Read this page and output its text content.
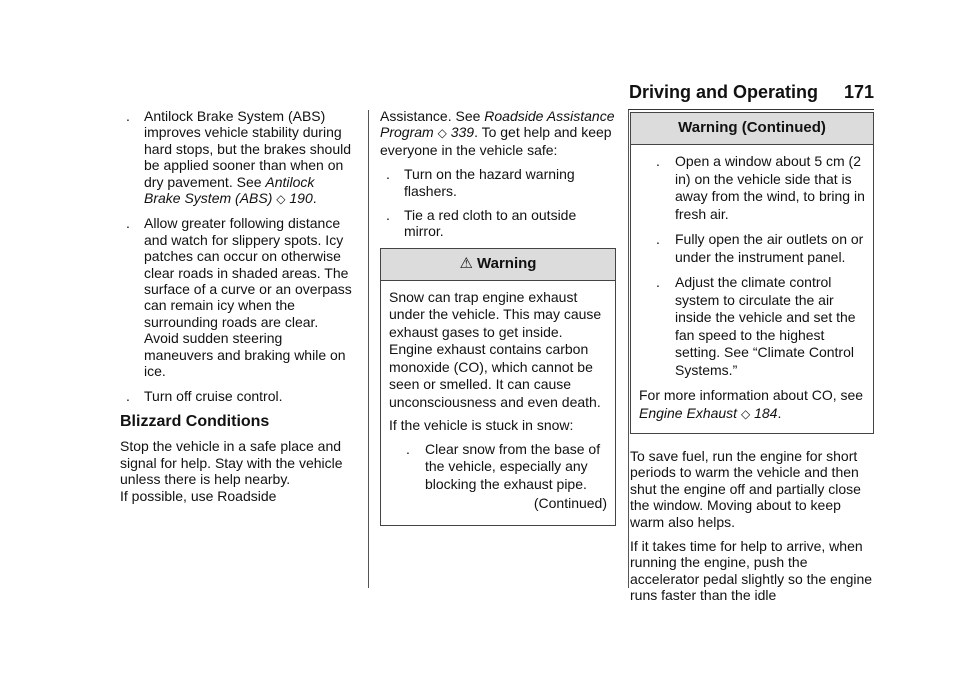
Driving and Operating 171
. Antilock Brake System (ABS) improves vehicle stability during hard stops, but the brakes should be applied sooner than when on dry pavement. See Antilock Brake System (ABS) ◇ 190.
. Allow greater following distance and watch for slippery spots. Icy patches can occur on otherwise clear roads in shaded areas. The surface of a curve or an overpass can remain icy when the surrounding roads are clear. Avoid sudden steering maneuvers and braking while on ice.
. Turn off cruise control.
Blizzard Conditions

Stop the vehicle in a safe place and signal for help. Stay with the vehicle unless there is help nearby.

If possible, use Roadside

Assistance. See Roadside Assistance Program ◇ 339. To get help and keep everyone in the vehicle safe:

. Turn on the hazard warning flashers.
. Tie a red cloth to an outside mirror.
⚠ Warning

Snow can trap engine exhaust under the vehicle. This may cause exhaust gases to get inside. Engine exhaust contains carbon monoxide (CO), which cannot be seen or smelled. It can cause unconsciousness and even death.

If the vehicle is stuck in snow:

. Clear snow from the base of the vehicle, especially any blocking the exhaust pipe.

(Continued)

Warning (Continued)
. Open a window about 5 cm (2 in) on the vehicle side that is away from the wind, to bring in fresh air.
. Fully open the air outlets on or under the instrument panel.
. Adjust the climate control system to circulate the air inside the vehicle and set the fan speed to the highest setting. See “Climate Control Systems.”

For more information about CO, see Engine Exhaust ◇ 184.

To save fuel, run the engine for short periods to warm the vehicle and then shut the engine off and partially close the window. Moving about to keep warm also helps.

If it takes time for help to arrive, when running the engine, push the accelerator pedal slightly so the engine runs faster than the idle
